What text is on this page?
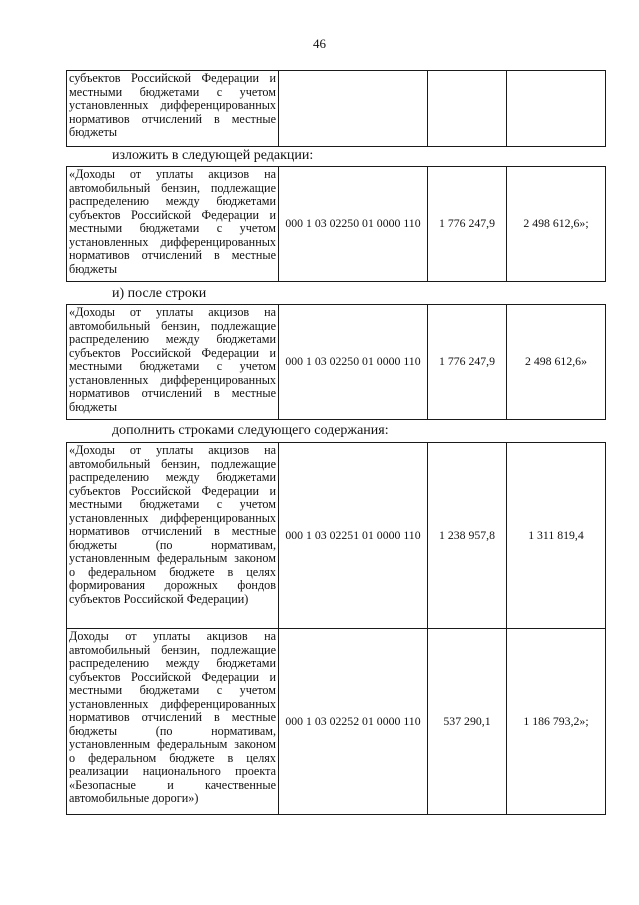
46
субъектов Российской Федерации и местными бюджетами с учетом установленных дифференцированных нормативов отчислений в местные бюджеты			
изложить в следующей редакции:
«Доходы от уплаты акцизов на автомобильный бензин, подлежащие распределению между бюджетами субъектов Российской Федерации и местными бюджетами с учетом установленных дифференцированных нормативов отчислений в местные бюджеты	000 1 03 02250 01 0000 110	1 776 247,9	2 498 612,6»;
и) после строки
«Доходы от уплаты акцизов на автомобильный бензин, подлежащие распределению между бюджетами субъектов Российской Федерации и местными бюджетами с учетом установленных дифференцированных нормативов отчислений в местные бюджеты	000 1 03 02250 01 0000 110	1 776 247,9	2 498 612,6»
дополнить строками следующего содержания:
«Доходы от уплаты акцизов на автомобильный бензин, подлежащие распределению между бюджетами субъектов Российской Федерации и местными бюджетами с учетом установленных дифференцированных нормативов отчислений в местные бюджеты (по нормативам, установленным федеральным законом о федеральном бюджете в целях формирования дорожных фондов субъектов Российской Федерации)	000 1 03 02251 01 0000 110	1 238 957,8	1 311 819,4
Доходы от уплаты акцизов на автомобильный бензин, подлежащие распределению между бюджетами субъектов Российской Федерации и местными бюджетами с учетом установленных дифференцированных нормативов отчислений в местные бюджеты (по нормативам, установленным федеральным законом о федеральном бюджете в целях реализации национального проекта «Безопасные и качественные автомобильные дороги»)	000 1 03 02252 01 0000 110	537 290,1	1 186 793,2»;
